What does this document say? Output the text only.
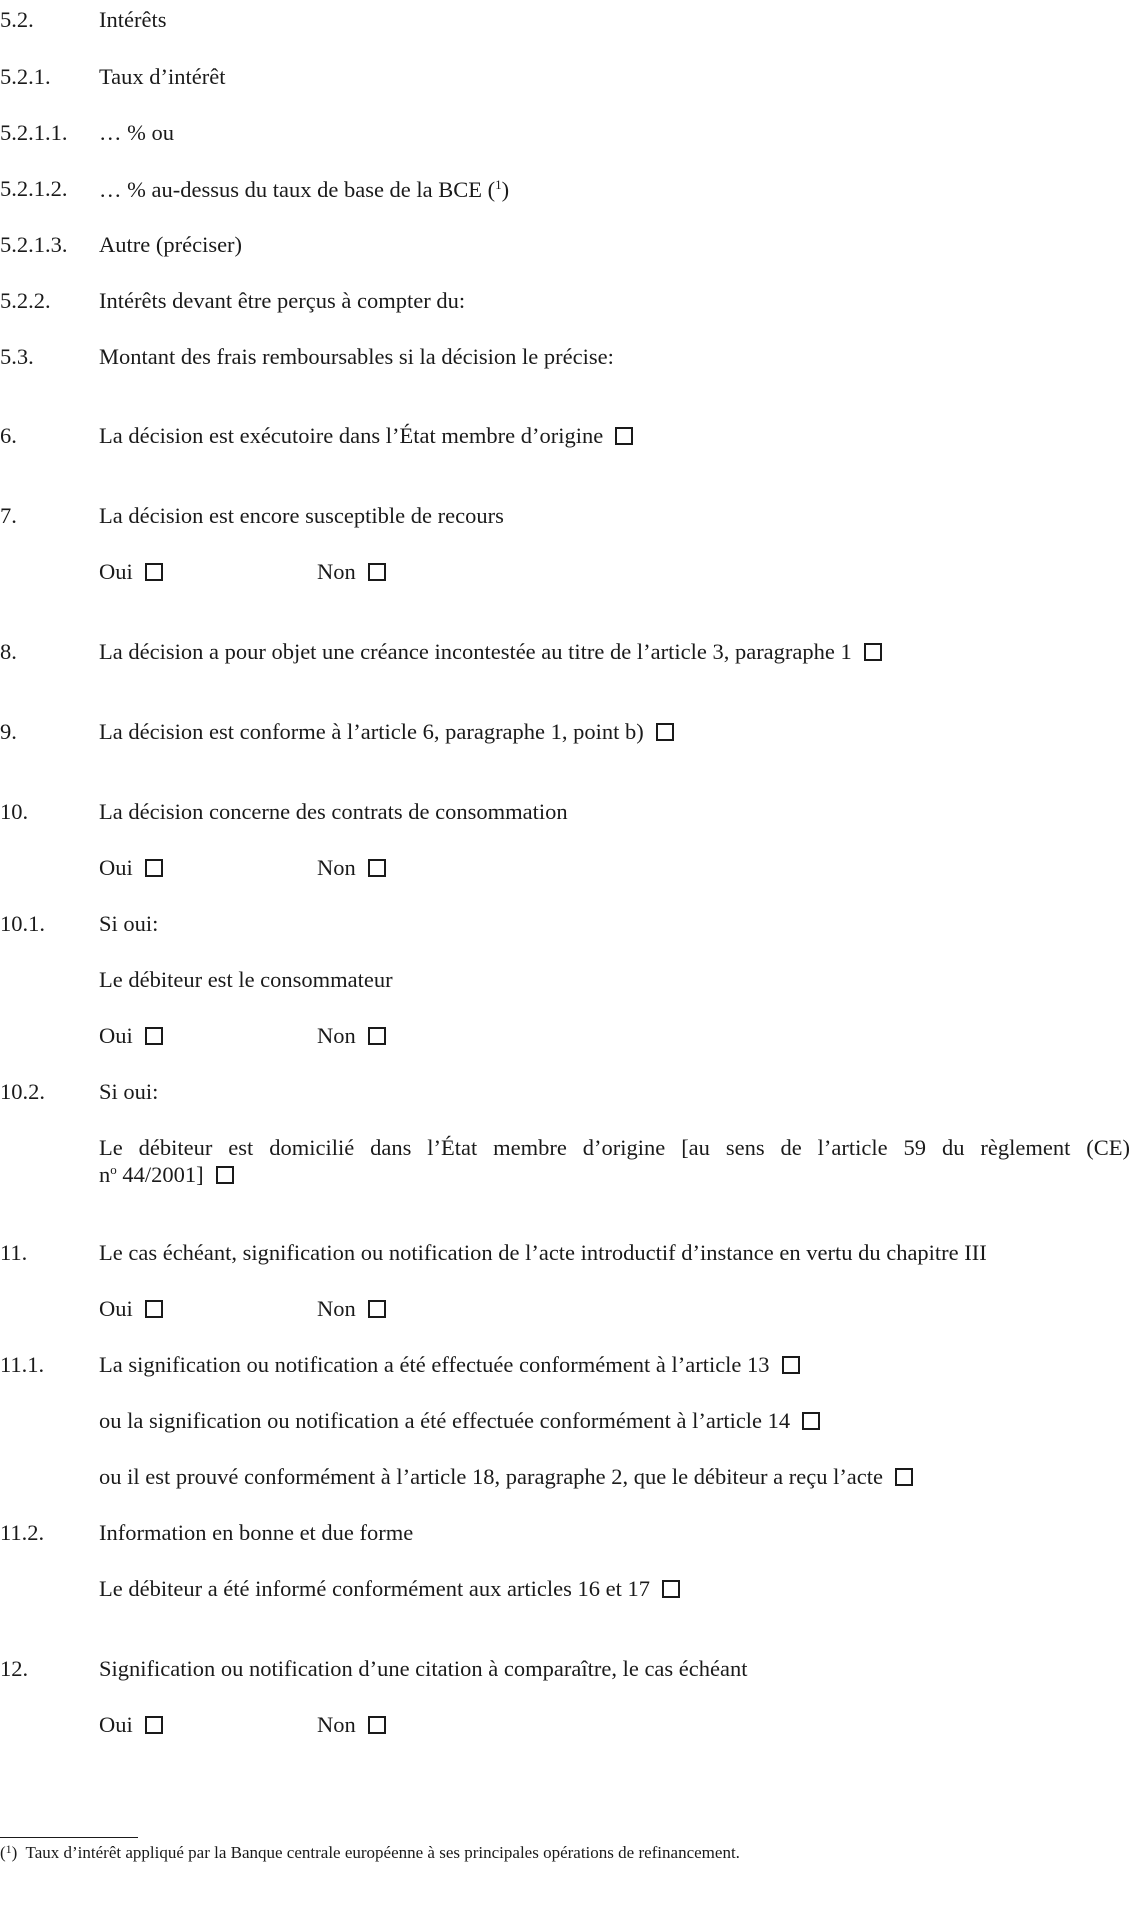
5.2.	Intérêts
5.2.1. Taux d’intérêt
5.2.1.1. … % ou
5.2.1.2. … % au-dessus du taux de base de la BCE ($^1$)
5.2.1.3. Autre (préciser)
5.2.2. Intérêts devant être perçus à compter du:
5.3.	Montant des frais remboursables si la décision le précise:
6.	La décision est exécutoire dans l’État membre d’origine
7.	La décision est encore susceptible de recours
Oui	Non
8.	La décision a pour objet une créance incontestée au titre de l’article 3, paragraphe 1
9.	La décision est conforme à l’article 6, paragraphe 1, point b)
10.	La décision concerne des contrats de consommation
Oui	Non
10.1. Si oui:
Le débiteur est le consommateur
Oui	Non
10.2. Si oui:
Le débiteur est domicilié dans l’État membre d’origine [au sens de l’article 59 du règlement (CE)
$n^o$ 44/2001]
11.	Le cas échéant, signification ou notification de l’acte introductif d’instance en vertu du chapitre III
Oui	Non
11.1. La signification ou notification a été effectuée conformément à l’article 13
ou la signification ou notification a été effectuée conformément à l’article 14
ou il est prouvé conformément à l’article 18, paragraphe 2, que le débiteur a reçu l’acte
11.2. Information en bonne et due forme
Le débiteur a été informé conformément aux articles 16 et 17
12.	Signification ou notification d’une citation à comparaître, le cas échéant
Oui	Non
($^1$)  Taux d’intérêt appliqué par la Banque centrale européenne à ses principales opérations de refinancement.
